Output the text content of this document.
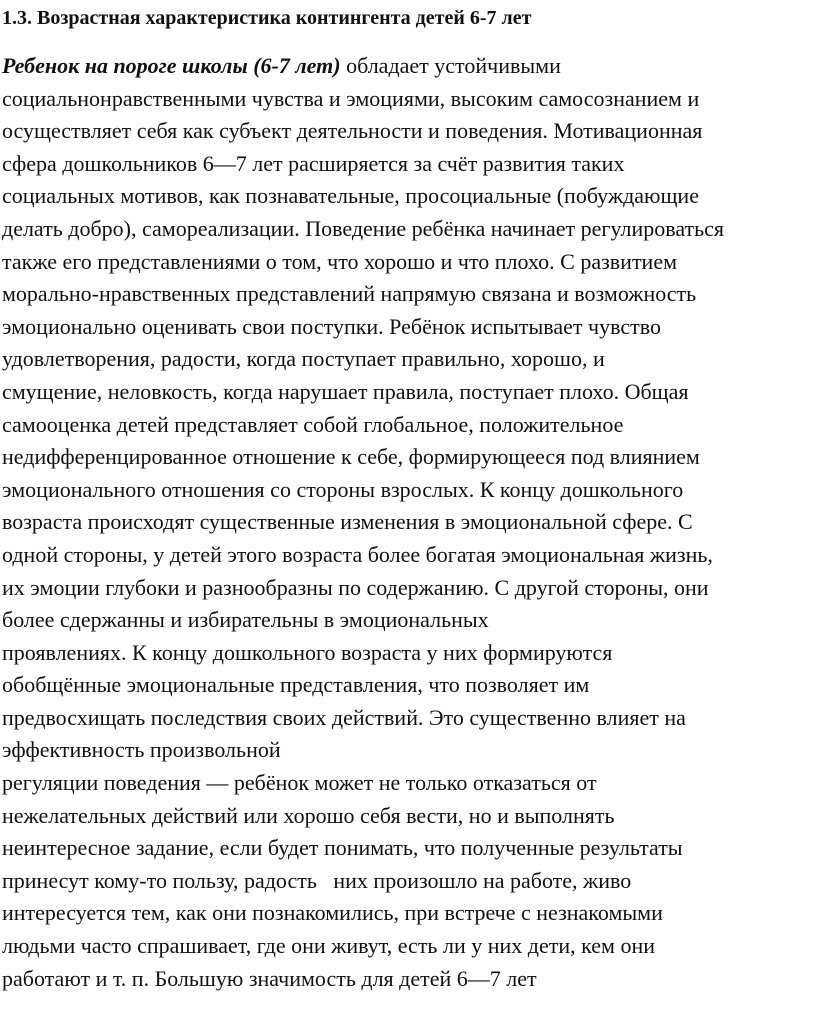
1.3. Возрастная характеристика контингента детей 6-7 лет
Ребенок на пороге школы (6-7 лет) обладает устойчивыми
социальнонравственными чувства и эмоциями, высоким самосознанием и
осуществляет себя как субъект деятельности и поведения. Мотивационная
сфера дошкольников 6—7 лет расширяется за счёт развития таких
социальных мотивов, как познавательные, просоциальные (побуждающие
делать добро), самореализации. Поведение ребёнка начинает регулироваться
также его представлениями о том, что хорошо и что плохо. С развитием
морально-нравственных представлений напрямую связана и возможность
эмоционально оценивать свои поступки. Ребёнок испытывает чувство
удовлетворения, радости, когда поступает правильно, хорошо, и
смущение, неловкость, когда нарушает правила, поступает плохо. Общая
самооценка детей представляет собой глобальное, положительное
недифференцированное отношение к себе, формирующееся под влиянием
эмоционального отношения со стороны взрослых. К концу дошкольного
возраста происходят существенные изменения в эмоциональной сфере. С
одной стороны, у детей этого возраста более богатая эмоциональная жизнь,
их эмоции глубоки и разнообразны по содержанию. С другой стороны, они
более сдержанны и избирательны в эмоциональных
проявлениях. К концу дошкольного возраста у них формируются
обобщённые эмоциональные представления, что позволяет им
предвосхищать последствия своих действий. Это существенно влияет на
эффективность произвольной
регуляции поведения — ребёнок может не только отказаться от
нежелательных действий или хорошо себя вести, но и выполнять
неинтересное задание, если будет понимать, что полученные результаты
принесут кому-то пользу, радость   них произошло на работе, живо
интересуется тем, как они познакомились, при встрече с незнакомыми
людьми часто спрашивает, где они живут, есть ли у них дети, кем они
работают и т. п. Большую значимость для детей 6—7 лет
